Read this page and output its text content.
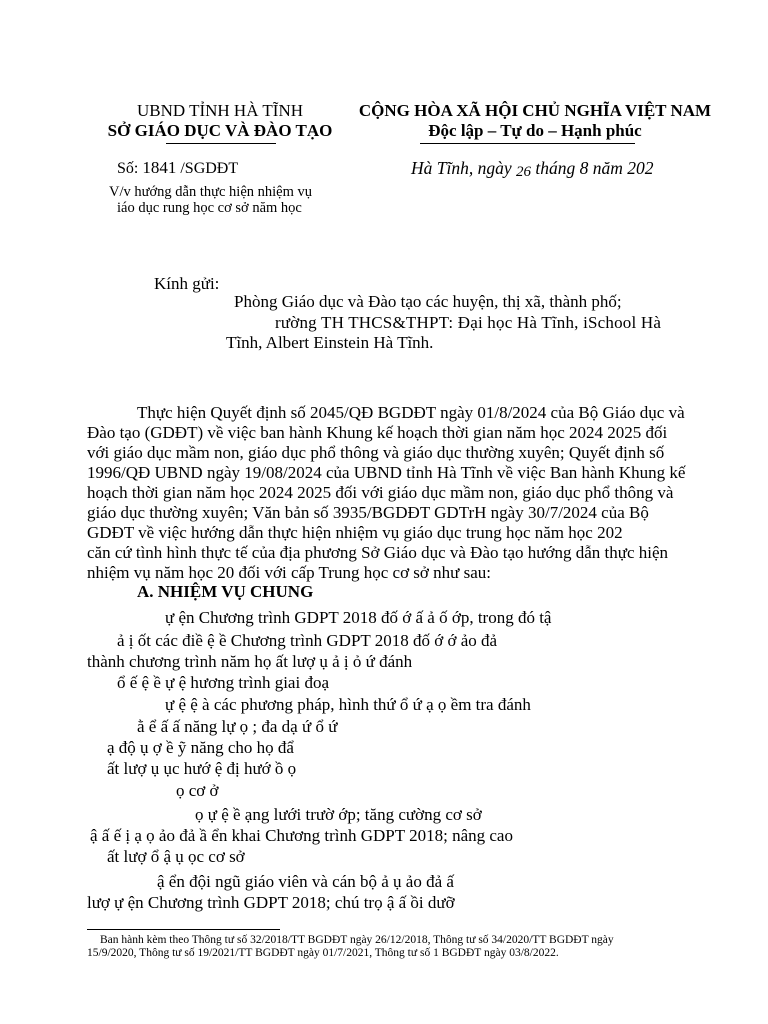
UBND TỈNH HÀ TĨNH
SỞ GIÁO DỤC VÀ ĐÀO TẠO
CỘNG HÒA XÃ HỘI CHỦ NGHĨA VIỆT NAM
Độc lập – Tự do – Hạnh phúc
Số: 1841 /SGDĐT
V/v hướng dẫn thực hiện nhiệm vụ
iáo dục rung học cơ sở năm học
Hà Tĩnh, ngày 26 tháng 8 năm 202
Kính gửi:
Phòng Giáo dục và Đào tạo các huyện, thị xã, thành phố;
rường TH THCS&THPT: Đại học Hà Tĩnh, iSchool Hà
Tĩnh, Albert Einstein Hà Tĩnh.
Thực hiện Quyết định số 2045/QĐ BGDĐT ngày 01/8/2024 của Bộ Giáo dục và
Đào tạo (GDĐT) về việc ban hành Khung kế hoạch thời gian năm học 2024 2025 đối
với giáo dục mầm non, giáo dục phổ thông và giáo dục thường xuyên; Quyết định số
1996/QĐ UBND ngày 19/08/2024 của UBND tỉnh Hà Tĩnh về việc Ban hành Khung kế
hoạch thời gian năm học 2024 2025 đối với giáo dục mầm non, giáo dục phổ thông và
giáo dục thường xuyên; Văn bản số 3935/BGDĐT GDTrH ngày 30/7/2024 của Bộ
GDĐT về việc hướng dẫn thực hiện nhiệm vụ giáo dục trung học năm học 202
căn cứ tình hình thực tế của địa phương Sở Giáo dục và Đào tạo hướng dẫn thực hiện
nhiệm vụ năm học 20 đối với cấp Trung học cơ sở như sau:
A. NHIỆM VỤ CHUNG
ự ện Chương trình GDPT 2018 đố ớ ấ ả ố ớp, trong đó tậ
ả ị ốt các điề ệ ề Chương trình GDPT 2018 đố ớ ớ ảo đả
thành chương trình năm họ ất lượ ụ ả ị ỏ ứ đánh
ổ ế ệ ề ự ệ hương trình giai đoạ
ự ệ ệ à các phương pháp, hình thứ ổ ứ ạ ọ ềm tra đánh
ằ ể ấ ấ năng lự ọ ; đa dạ ứ ổ ứ
ạ độ ụ ợ ề ỹ năng cho họ đẩ
ất lượ ụ ục hướ ệ đị hướ ồ ọ
ọ cơ ở
ọ ự ệ ề ạng lưới trườ ớp; tăng cường cơ sở
ậ ấ ế ị ạ ọ ảo đả ầ ển khai Chương trình GDPT 2018; nâng cao
ất lượ ổ ậ ụ ọc cơ sở
ậ ển đội ngũ giáo viên và cán bộ ả ụ ảo đả ấ
lượ ự ện Chương trình GDPT 2018; chú trọ ậ ấ ồi dưỡ
Ban hành kèm theo Thông tư số 32/2018/TT BGDĐT ngày 26/12/2018, Thông tư số 34/2020/TT BGDĐT ngày
15/9/2020, Thông tư số 19/2021/TT BGDĐT ngày 01/7/2021, Thông tư số 1 BGDĐT ngày 03/8/2022.
